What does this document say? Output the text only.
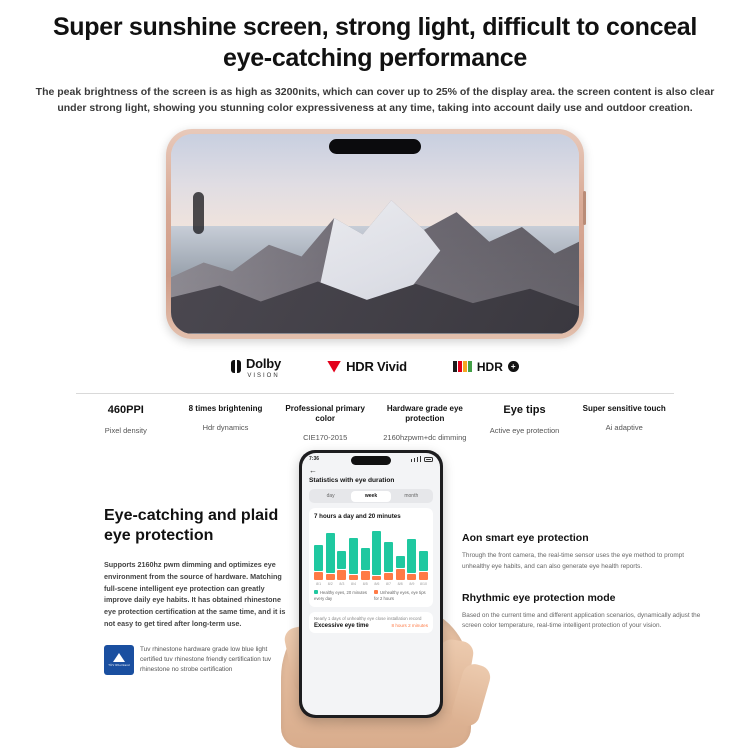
Super sunshine screen, strong light, difficult to conceal eye-catching performance

The peak brightness of the screen is as high as 3200nits, which can cover up to 25% of the display area. the screen content is also clear under strong light, showing you stunning color expressiveness at any time, taking into account daily use and outdoor creation.

Dolby
VISION
HDR Vivid	HDR	+
460PPI
Pixel density
8 times brightening
Hdr dynamics
Professional primary color
CIE170-2015
Hardware grade eye protection
2160hzpwm+dc dimming
Eye tips
Active eye protection
Super sensitive touch
Ai adaptive
7:36
←
Statistics with eye duration
day	week	month
7 hours a day and 20 minutes
8/1	8/2	8/3	8/4	8/5	8/6	8/7	8/8	8/9	8/10
Healthy eyes, 20 minutes every day
Unhealthy eyes, eye tips for 2 hours
Nearly 1 days of unhealthy eye close installation record
Excessive eye time	8 hours 2 minutes
Eye-catching and plaid eye protection
Supports 2160hz pwm dimming and optimizes eye environment from the source of hardware. Matching full-scene intelligent eye protection can greatly improve daily eye habits. It has obtained rhinestone eye protection certification at the same time, and it is not easy to get tired after long-term use.
TÜV Rheinland
Tuv rhinestone hardware grade low blue light certified tuv rhinestone friendly certification tuv rhinestone no strobe certification
Aon smart eye protection
Through the front camera, the real-time sensor uses the eye method to prompt unhealthy eye habits, and can also generate eye health reports.
Rhythmic eye protection mode
Based on the current time and different application scenarios, dynamically adjust the screen color temperature, real-time intelligent protection of your vision.
